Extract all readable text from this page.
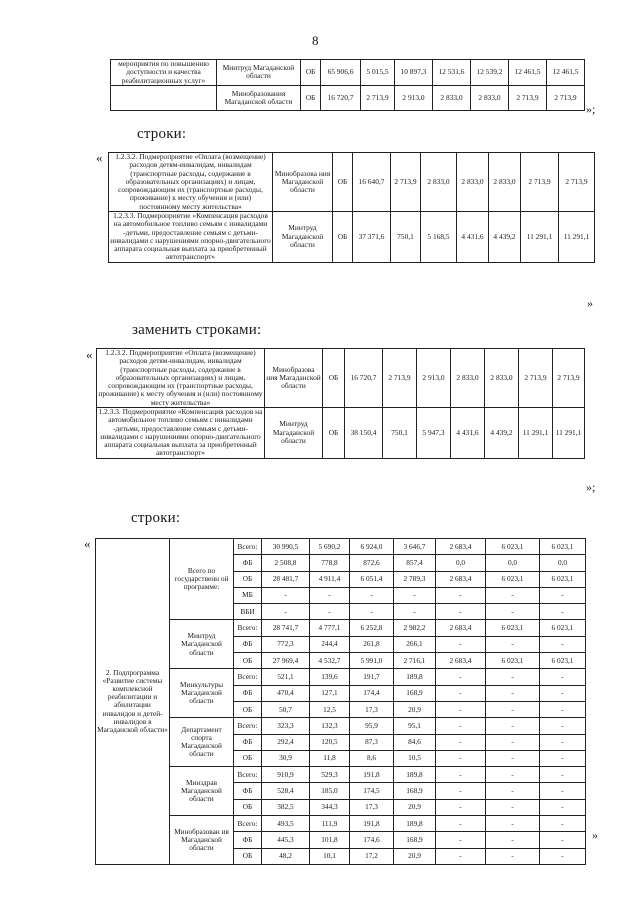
8
мероприятия по повышению доступности и качества реабилитационных услуг»	Минтруд Магаданской области	ОБ	65 906,6	5 015,5	10 897,3	12 531,6	12 539,2	12 461,5	12 461,5
	Минобразования Магаданской области	ОБ	16 720,7	2 713,9	2 913,0	2 833,0	2 833,0	2 713,9	2 713,9
»;
строки:
« 1.2.3.2. Подмероприятие «Оплата (возмещение) расходов детям-инвалидам, инвалидам (транспортные расходы, содержание в образовательных организациях) и лицам, сопровождающим их (транспортные расходы, проживание) к месту обучения и (или) постоянному месту жительства»	Минобразова ния Магаданской области	ОБ	16 640,7	2 713,9	2 833,0	2 833,0	2 833,0	2 713,9	2 713,9
1.2.3.3. Подмероприятие «Компенсация расходов на автомобильное топливо семьям с инвалидами -детьми, предоставление семьям с детьми-инвалидами с нарушениями опорно-двигательного аппарата социальная выплата за приобретенный автотранспорт»	Минтруд Магаданской области	ОБ	37 371,6	750,1	5 168,5	4 431,6	4 439,2	11 291,1	11 291,1
»
заменить строками:
« 1.2.3.2. Подмероприятие «Оплата (возмещение) расходов детям-инвалидам, инвалидам (транспортные расходы, содержание в образовательных организациях) и лицам, сопровождающим их (транспортные расходы, проживание) к месту обучения и (или) постоянному месту жительства»	Минобразова ния Магаданской области	ОБ	16 720,7	2 713,9	2 913,0	2 833,0	2 833,0	2 713,9	2 713,9
1.2.3.3. Подмероприятие «Компенсация расходов на автомобильное топливо семьям с инвалидами -детьми, предоставление семьям с детьми-инвалидами с нарушениями опорно-двигательного аппарата социальная выплата за приобретенный автотранспорт»	Минтруд Магаданской области	ОБ	38 150,4	750,1	5 947,3	4 431,6	4 439,2	11 291,1	11 291,1
»;
строки:
«
2. Подпрограмма «Развитие системы комплексной реабилитации и абилитации инвалидов и детей-инвалидов в Магаданской области»	Всего по государственн ой программе:	Всего:	30 990,5	5 690,2	6 924,0	3 646,7	2 683,4	6 023,1	6 023,1
		ФБ	2 508,8	778,8	872,6	857,4	0,0	0,0	0,0
		ОБ	28 481,7	4 911,4	6 051,4	2 789,3	2 683,4	6 023,1	6 023,1
		МБ	-	-	-	-	-	-	-
		ВБИ	-	-	-	-	-	-	-
	Минтруд Магаданской области	Всего:	28 741,7	4 777,1	6 252,8	2 982,2	2 683,4	6 023,1	6 023,1
		ФБ	772,3	244,4	261,8	266,1	-	-	-
		ОБ	27 969,4	4 532,7	5 991,0	2 716,1	2 683,4	6 023,1	6 023,1
	Минкультуры Магаданской области	Всего:	521,1	139,6	191,7	189,8	-	-	-
		ФБ	470,4	127,1	174,4	168,9	-	-	-
		ОБ	50,7	12,5	17,3	20,9	-	-	-
	Департамент спорта Магаданской области	Всего:	323,3	132,3	95,9	95,1	-	-	-
		ФБ	292,4	120,5	87,3	84,6	-	-	-
		ОБ	30,9	11,8	8,6	10,5	-	-	-
	Минздрав Магаданской области	Всего:	910,9	529,3	191,8	189,8	-	-	-
		ФБ	528,4	185,0	174,5	168,9	-	-	-
		ОБ	382,5	344,3	17,3	20,9	-	-	-
	Минобразован ия Магаданской области	Всего:	493,5	111,9	191,8	189,8	-	-	-
		ФБ	445,3	101,8	174,6	168,9	-	-	-
		ОБ	48,2	10,1	17,2	20,9	-	-	-
»
